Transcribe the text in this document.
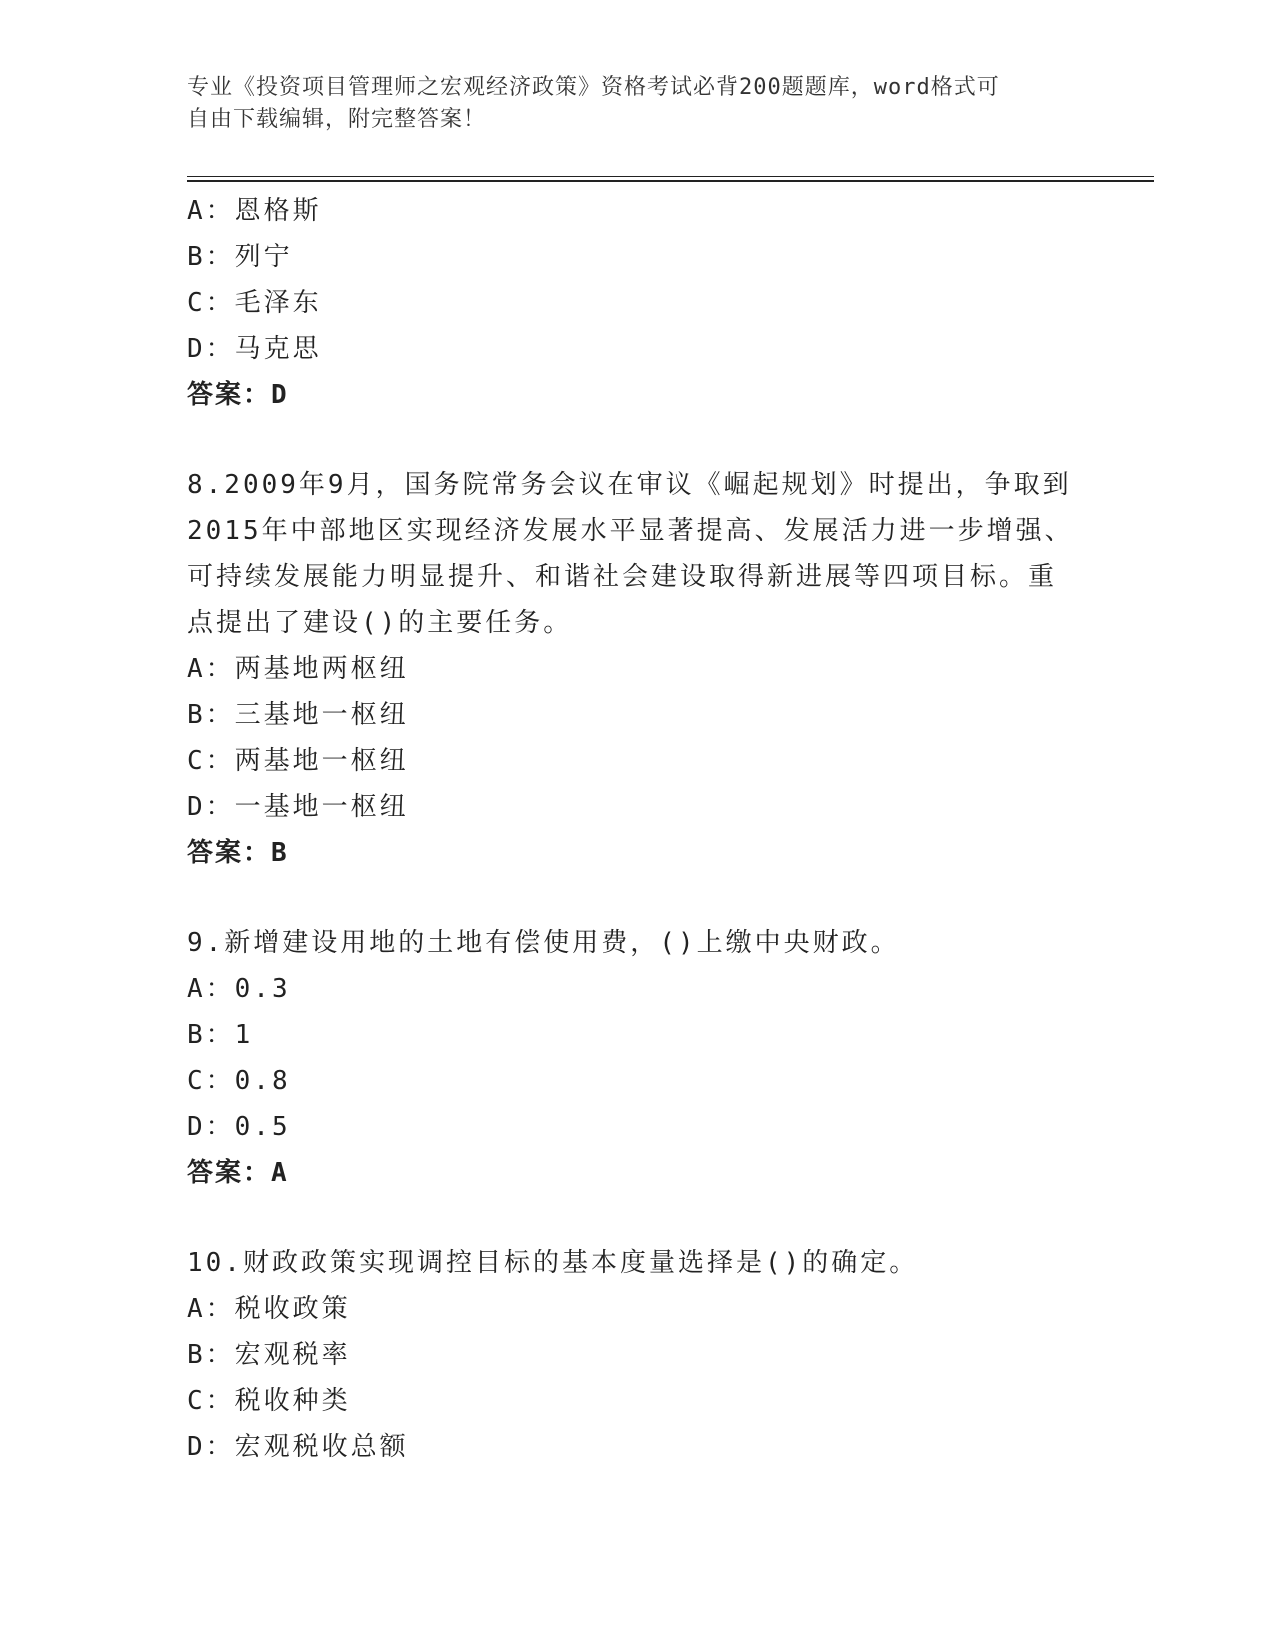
专业《投资项目管理师之宏观经济政策》资格考试必背200题题库，word格式可
自由下载编辑，附完整答案！
A：恩格斯
B：列宁
C：毛泽东
D：马克思
答案：D
8.2009年9月，国务院常务会议在审议《崛起规划》时提出，争取到
2015年中部地区实现经济发展水平显著提高、发展活力进一步增强、
可持续发展能力明显提升、和谐社会建设取得新进展等四项目标。重
点提出了建设()的主要任务。
A：两基地两枢纽
B：三基地一枢纽
C：两基地一枢纽
D：一基地一枢纽
答案：B
9.新增建设用地的土地有偿使用费，()上缴中央财政。
A：0.3
B：1
C：0.8
D：0.5
答案：A
10.财政政策实现调控目标的基本度量选择是()的确定。
A：税收政策
B：宏观税率
C：税收种类
D：宏观税收总额
